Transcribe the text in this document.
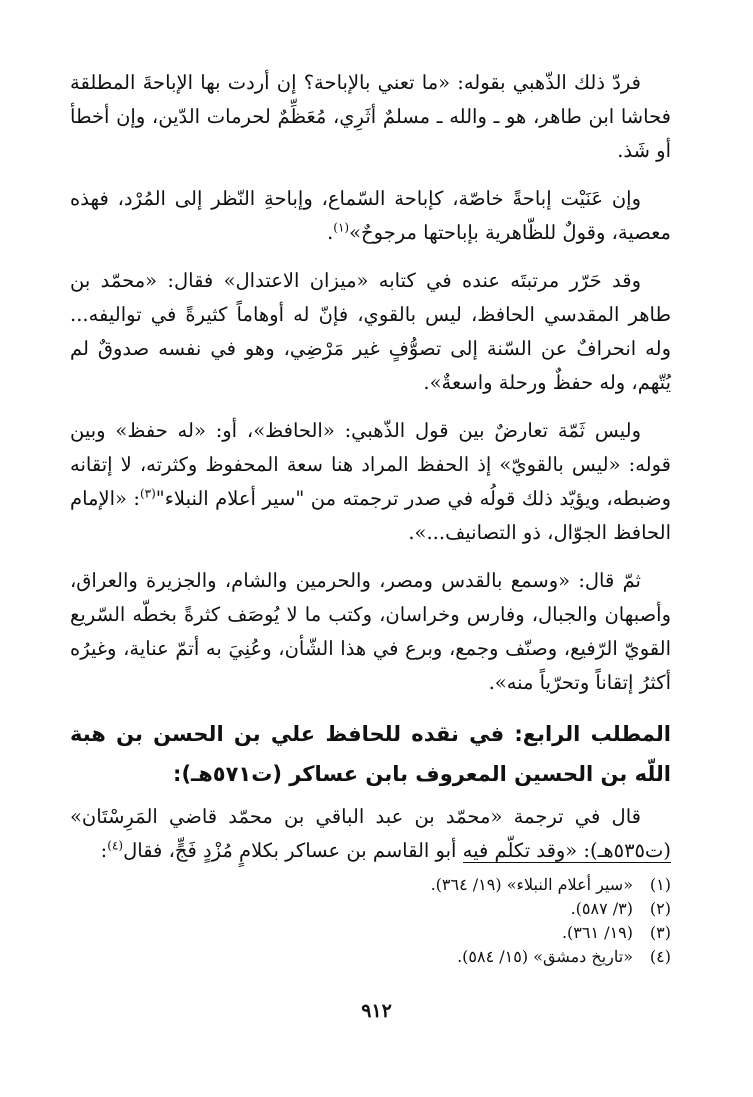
فردّ ذلك الذّهبي بقوله: «ما تعني بالإباحة؟ إن أردت بها الإباحةَ المطلقة فحاشا ابن طاهر، هو ـ والله ـ مسلمٌ أثَرِي، مُعَظِّمٌ لحرمات الدّين، وإن أخطأ أو شَذ.

وإن عَنَيْت إباحةً خاصّة، كإباحة السّماع، وإباحةِ النّظر إلى المُرْد، فهذه معصية، وقولٌ للظّاهرية بإباحتها مرجوحٌ»$^{(١)}$.

وقد حَرّر مرتبتَه عنده في كتابه «ميزان الاعتدال» فقال: «محمّد بن طاهر المقدسي الحافظ، ليس بالقوي، فإنّ له أوهاماً كثيرةً في تواليفه... وله انحرافٌ عن السّنة إلى تصوُّفٍ غير مَرْضِي، وهو في نفسه صدوقٌ لم يُتّهم، وله حفظٌ ورحلة واسعةٌ».

وليس ثَمّة تعارضٌ بين قول الذّهبي: «الحافظ»، أو: «له حفظ» وبين قوله: «ليس بالقويّ» إذ الحفظ المراد هنا سعة المحفوظ وكثرته، لا إتقانه وضبطه، ويؤيّد ذلك قولُه في صدر ترجمته من "سير أعلام النبلاء"$^{(٣)}$: «الإمام الحافظ الجوّال، ذو التصانيف...».

ثمّ قال: «وسمع بالقدس ومصر، والحرمين والشام، والجزيرة والعراق، وأصبهان والجبال، وفارس وخراسان، وكتب ما لا يُوصَف كثرةً بخطّه السّريع القويّ الرّفيع، وصنّف وجمع، وبرع في هذا الشّأن، وعُنِيَ به أتمّ عناية، وغيرُه أكثرُ إتقاناً وتحرّياً منه».

المطلب الرابع: في نقده للحافظ علي بن الحسن بن هبة اللّه بن الحسين المعروف بابن عساكر (ت٥٧١هـ):

قال في ترجمة «محمّد بن عبد الباقي بن محمّد قاضي المَرِسْتَان» (ت٥٣٥هـ): «وقد تكلّم فيه أبو القاسم بن عساكر بكلامٍ مُزْدٍ فَجٍّ، فقال$^{(٤)}$:

(١)«سير أعلام النبلاء» (١٩/ ٣٦٤).

(٢)(٣/ ٥٨٧).

(٣)(١٩/ ٣٦١).

(٤)«تاريخ دمشق» (١٥/ ٥٨٤).

٩١٢
